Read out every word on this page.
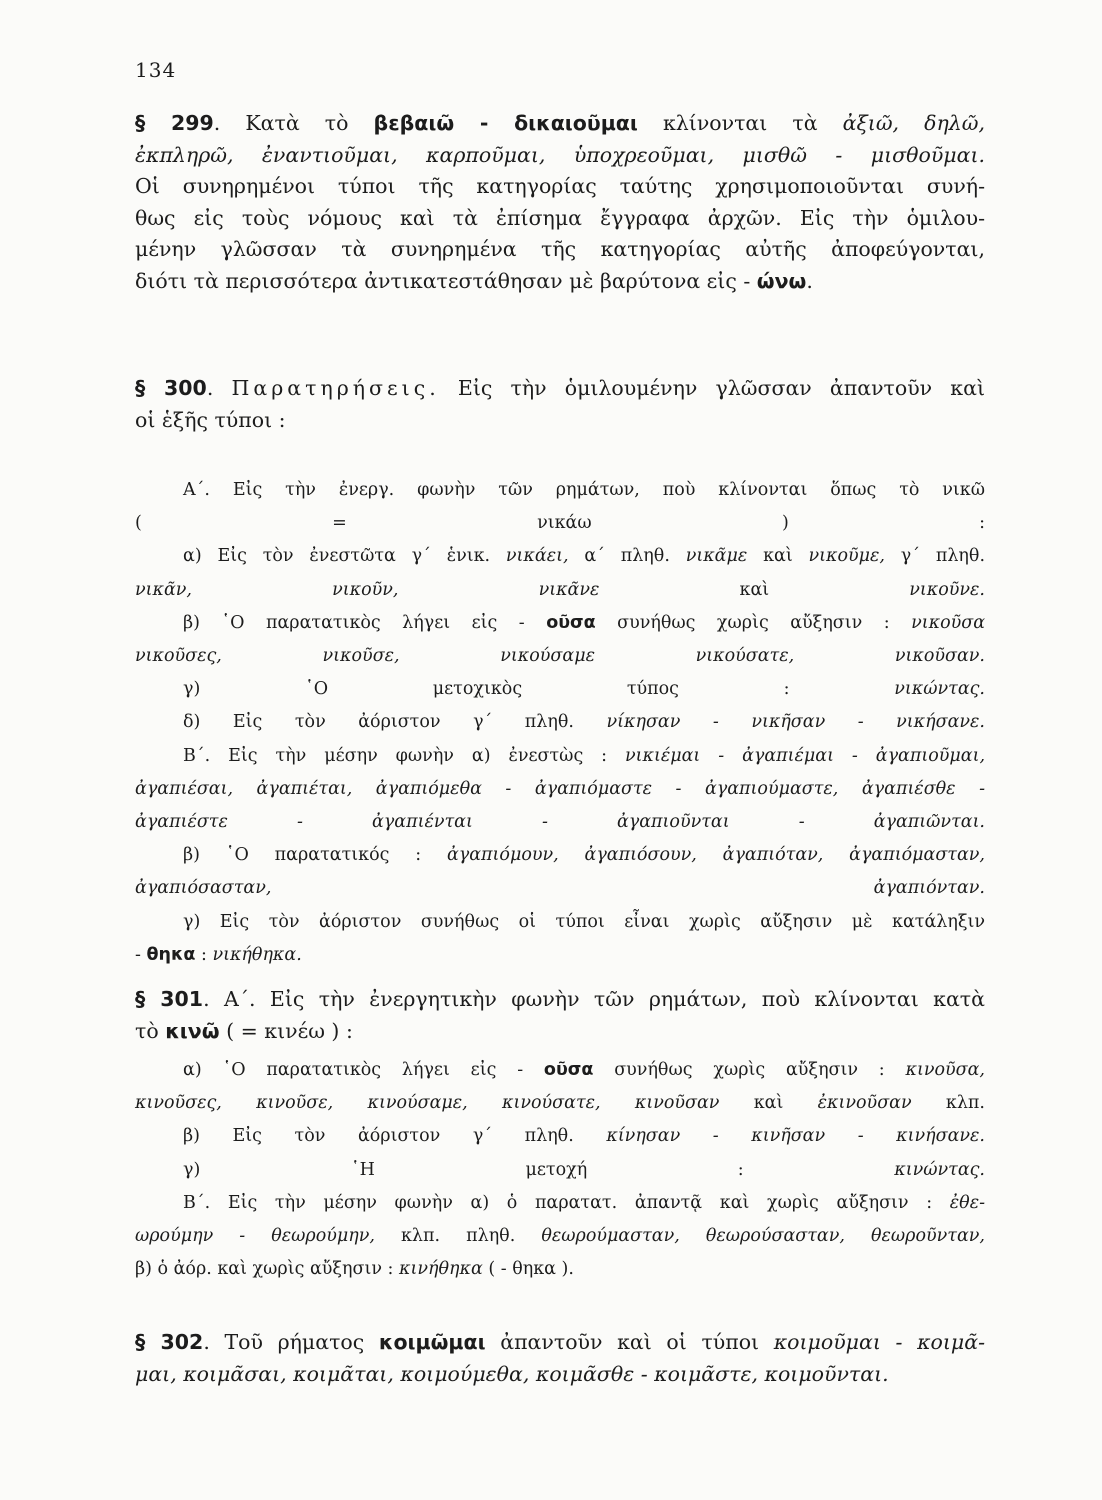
134
§ 299. Κατὰ τὸ βεβαιῶ - δικαιοῦμαι κλίνονται τὰ ἀξιῶ, δηλῶ,
ἐκπληρῶ, ἐναντιοῦμαι, καρποῦμαι, ὑποχρεοῦμαι, μισθῶ - μισθοῦμαι.
Οἱ συνηρημένοι τύποι τῆς κατηγορίας ταύτης χρησιμοποιοῦνται συνή-
θως εἰς τοὺς νόμους καὶ τὰ ἐπίσημα ἔγγραφα ἀρχῶν. Εἰς τὴν ὁμιλου-
μένην γλῶσσαν τὰ συνηρημένα τῆς κατηγορίας αὐτῆς ἀποφεύγονται,
διότι τὰ περισσότερα ἀντικατεστάθησαν μὲ βαρύτονα εἰς - ώνω.
§ 300. Παρατηρήσεις. Εἰς τὴν ὁμιλουμένην γλῶσσαν ἀπαντοῦν καὶ
οἱ ἑξῆς τύποι :
Α΄. Εἰς τὴν ἐνεργ. φωνὴν τῶν ρημάτων, ποὺ κλίνονται ὅπως τὸ νικῶ
( = νικάω ) :
α) Εἰς τὸν ἐνεστῶτα γ΄ ἑνικ. νικάει, α΄ πληθ. νικᾶμε καὶ νικοῦμε, γ΄ πληθ.
νικᾶν, νικοῦν, νικᾶνε καὶ νικοῦνε.
β) ῾Ο παρατατικὸς λήγει εἰς - οῦσα συνήθως χωρὶς αὔξησιν : νικοῦσα
νικοῦσες, νικοῦσε, νικούσαμε νικούσατε, νικοῦσαν.
γ) ῾Ο μετοχικὸς τύπος : νικώντας.
δ) Εἰς τὸν ἀόριστον γ΄ πληθ. νίκησαν - νικῆσαν - νικήσανε.
Β΄. Εἰς τὴν μέσην φωνὴν α) ἐνεστὼς : νικιέμαι - ἀγαπιέμαι - ἀγαπιοῦμαι,
ἀγαπιέσαι, ἀγαπιέται, ἀγαπιόμεθα - ἀγαπιόμαστε - ἀγαπιούμαστε, ἀγαπιέσθε -
ἀγαπιέστε - ἀγαπιένται - ἀγαπιοῦνται - ἀγαπιῶνται.
β) ῾Ο παρατατικός : ἀγαπιόμουν, ἀγαπιόσουν, ἀγαπιόταν, ἀγαπιόμασταν,
ἀγαπιόσασταν, ἀγαπιόνταν.
γ) Εἰς τὸν ἀόριστον συνήθως οἱ τύποι εἶναι χωρὶς αὔξησιν μὲ κατάληξιν
- θηκα : νικήθηκα.
§ 301. Α΄. Εἰς τὴν ἐνεργητικὴν φωνὴν τῶν ρημάτων, ποὺ κλίνονται κατὰ
τὸ κινῶ ( = κινέω ) :
α) ῾Ο παρατατικὸς λήγει εἰς - οῦσα συνήθως χωρὶς αὔξησιν : κινοῦσα,
κινοῦσες, κινοῦσε, κινούσαμε, κινούσατε, κινοῦσαν καὶ ἐκινοῦσαν κλπ.
β) Εἰς τὸν ἀόριστον γ΄ πληθ. κίνησαν - κινῆσαν - κινήσανε.
γ) ῾Η μετοχή : κινώντας.
Β΄. Εἰς τὴν μέσην φωνὴν α) ὁ παρατατ. ἀπαντᾷ καὶ χωρὶς αὔξησιν : ἐθε-
ωρούμην - θεωρούμην, κλπ. πληθ. θεωρούμασταν, θεωρούσασταν, θεωροῦνταν,
β) ὁ ἀόρ. καὶ χωρὶς αὔξησιν : κινήθηκα ( - θηκα ).
§ 302. Τοῦ ρήματος κοιμῶμαι ἀπαντοῦν καὶ οἱ τύποι κοιμοῦμαι - κοιμᾶ-
μαι, κοιμᾶσαι, κοιμᾶται, κοιμούμεθα, κοιμᾶσθε - κοιμᾶστε, κοιμοῦνται.
